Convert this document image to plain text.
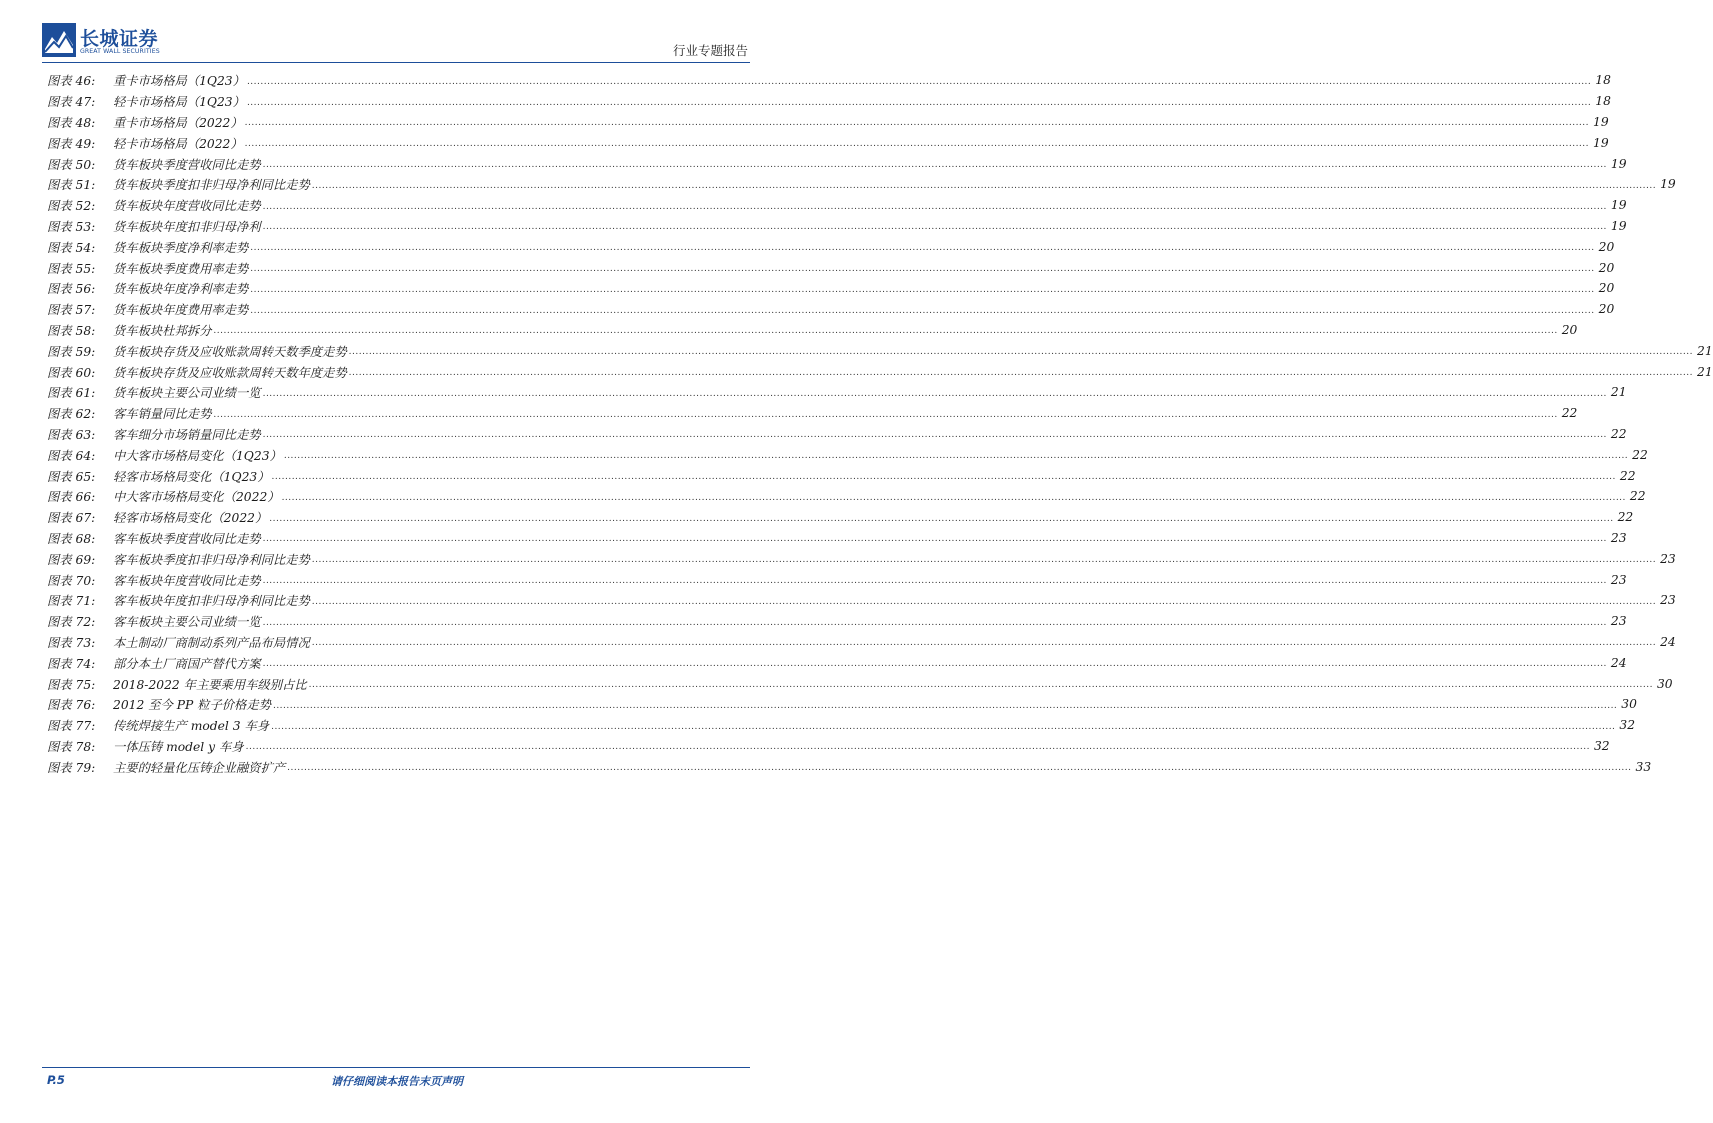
长城证券
GREAT WALL SECURITIES	行业专题报告
图表 46:	重卡市场格局（1Q23） ................................................................................................................................................................................................................................................................................................................................................................................................................ 18
图表 47:	轻卡市场格局（1Q23） ................................................................................................................................................................................................................................................................................................................................................................................................................ 18
图表 48:	重卡市场格局（2022） ................................................................................................................................................................................................................................................................................................................................................................................................................ 19
图表 49:	轻卡市场格局（2022） ................................................................................................................................................................................................................................................................................................................................................................................................................ 19
图表 50:	货车板块季度营收同比走势 ................................................................................................................................................................................................................................................................................................................................................................................................................ 19
图表 51:	货车板块季度扣非归母净利同比走势 ................................................................................................................................................................................................................................................................................................................................................................................................................ 19
图表 52:	货车板块年度营收同比走势 ................................................................................................................................................................................................................................................................................................................................................................................................................ 19
图表 53:	货车板块年度扣非归母净利 ................................................................................................................................................................................................................................................................................................................................................................................................................ 19
图表 54:	货车板块季度净利率走势 ................................................................................................................................................................................................................................................................................................................................................................................................................ 20
图表 55:	货车板块季度费用率走势 ................................................................................................................................................................................................................................................................................................................................................................................................................ 20
图表 56:	货车板块年度净利率走势 ................................................................................................................................................................................................................................................................................................................................................................................................................ 20
图表 57:	货车板块年度费用率走势 ................................................................................................................................................................................................................................................................................................................................................................................................................ 20
图表 58:	货车板块杜邦拆分 ................................................................................................................................................................................................................................................................................................................................................................................................................ 20
图表 59:	货车板块存货及应收账款周转天数季度走势 ................................................................................................................................................................................................................................................................................................................................................................................................................ 21
图表 60:	货车板块存货及应收账款周转天数年度走势 ................................................................................................................................................................................................................................................................................................................................................................................................................ 21
图表 61:	货车板块主要公司业绩一览 ................................................................................................................................................................................................................................................................................................................................................................................................................ 21
图表 62:	客车销量同比走势 ................................................................................................................................................................................................................................................................................................................................................................................................................ 22
图表 63:	客车细分市场销量同比走势 ................................................................................................................................................................................................................................................................................................................................................................................................................ 22
图表 64:	中大客市场格局变化（1Q23） ................................................................................................................................................................................................................................................................................................................................................................................................................ 22
图表 65:	轻客市场格局变化（1Q23） ................................................................................................................................................................................................................................................................................................................................................................................................................ 22
图表 66:	中大客市场格局变化（2022） ................................................................................................................................................................................................................................................................................................................................................................................................................ 22
图表 67:	轻客市场格局变化（2022） ................................................................................................................................................................................................................................................................................................................................................................................................................ 22
图表 68:	客车板块季度营收同比走势 ................................................................................................................................................................................................................................................................................................................................................................................................................ 23
图表 69:	客车板块季度扣非归母净利同比走势 ................................................................................................................................................................................................................................................................................................................................................................................................................ 23
图表 70:	客车板块年度营收同比走势 ................................................................................................................................................................................................................................................................................................................................................................................................................ 23
图表 71:	客车板块年度扣非归母净利同比走势 ................................................................................................................................................................................................................................................................................................................................................................................................................ 23
图表 72:	客车板块主要公司业绩一览 ................................................................................................................................................................................................................................................................................................................................................................................................................ 23
图表 73:	本土制动厂商制动系列产品布局情况 ................................................................................................................................................................................................................................................................................................................................................................................................................ 24
图表 74:	部分本土厂商国产替代方案 ................................................................................................................................................................................................................................................................................................................................................................................................................ 24
图表 75:	2018-2022 年主要乘用车级别占比 ................................................................................................................................................................................................................................................................................................................................................................................................................ 30
图表 76:	2012 至今 PP 粒子价格走势 ................................................................................................................................................................................................................................................................................................................................................................................................................ 30
图表 77:	传统焊接生产 model 3 车身 ................................................................................................................................................................................................................................................................................................................................................................................................................ 32
图表 78:	一体压铸 model y 车身 ................................................................................................................................................................................................................................................................................................................................................................................................................ 32
图表 79:	主要的轻量化压铸企业融资扩产 ................................................................................................................................................................................................................................................................................................................................................................................................................ 33
P.5	请仔细阅读本报告末页声明
